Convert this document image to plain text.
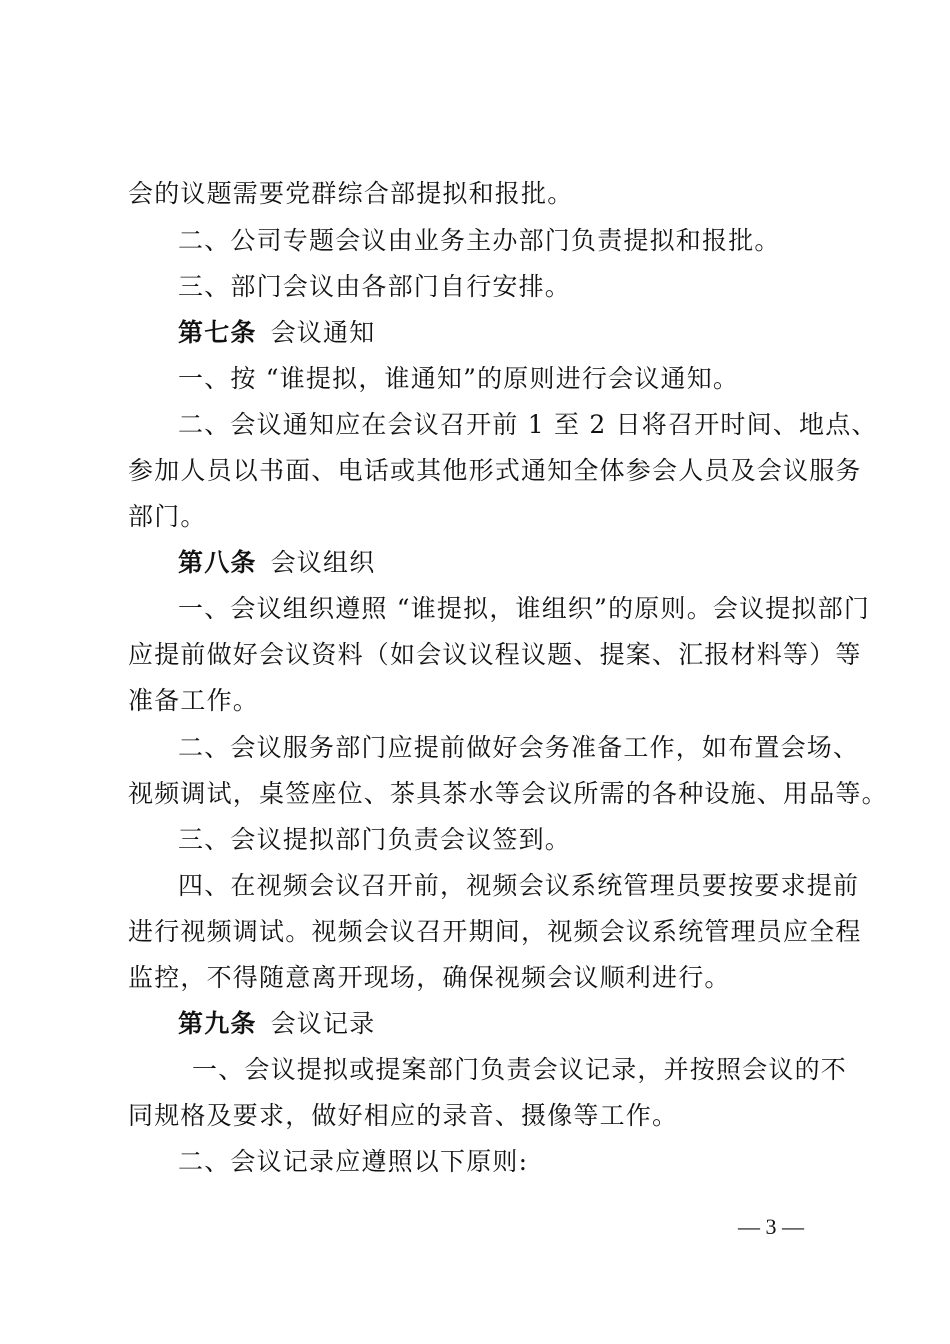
会的议题需要党群综合部提拟和报批。
二、公司专题会议由业务主办部门负责提拟和报批。
三、部门会议由各部门自行安排。
第七条 会议通知
一、按 “谁提拟，谁通知”的原则进行会议通知。
二、会议通知应在会议召开前 1 至 2 日将召开时间、地点、
参加人员以书面、电话或其他形式通知全体参会人员及会议服务
部门。
第八条 会议组织
一、会议组织遵照 “谁提拟，谁组织”的原则。会议提拟部门
应提前做好会议资料（如会议议程议题、提案、汇报材料等）等
准备工作。
二、会议服务部门应提前做好会务准备工作，如布置会场、
视频调试，桌签座位、茶具茶水等会议所需的各种设施、用品等。
三、会议提拟部门负责会议签到。
四、在视频会议召开前，视频会议系统管理员要按要求提前
进行视频调试。视频会议召开期间，视频会议系统管理员应全程
监控，不得随意离开现场，确保视频会议顺利进行。
第九条 会议记录
一、会议提拟或提案部门负责会议记录，并按照会议的不
同规格及要求，做好相应的录音、摄像等工作。
二、会议记录应遵照以下原则:
— 3 —
